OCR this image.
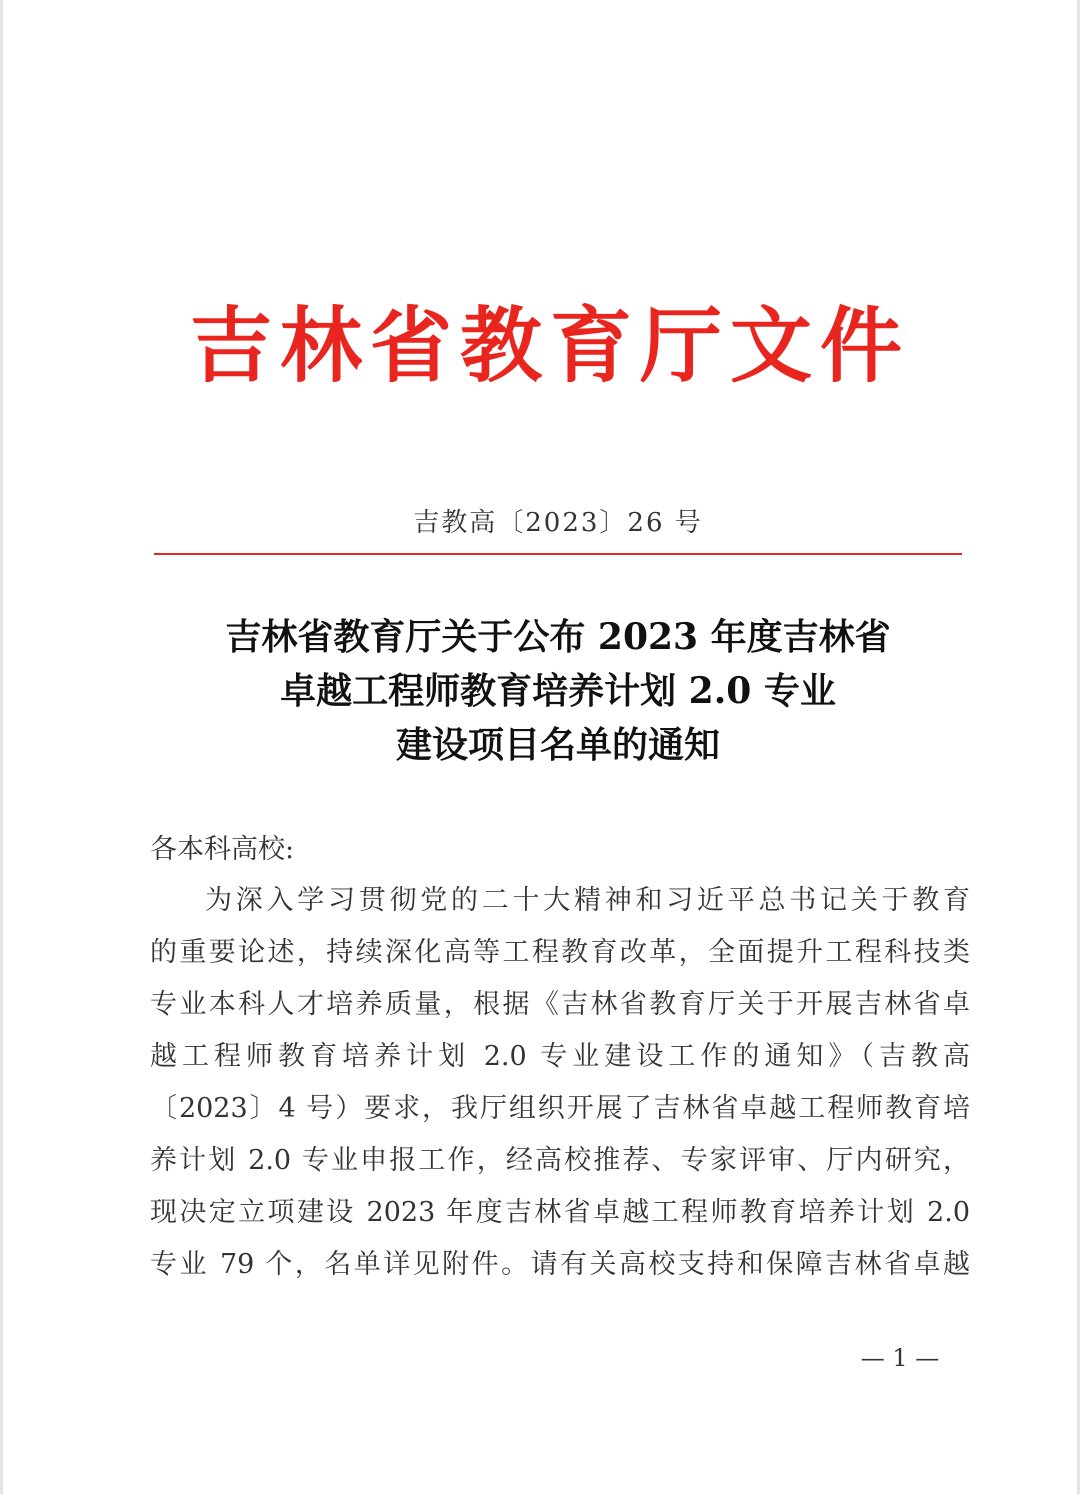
吉林省教育厅文件
吉教高〔2023〕26 号
吉林省教育厅关于公布 2023 年度吉林省
卓越工程师教育培养计划 2.0 专业
建设项目名单的通知
各本科高校:
为深入学习贯彻党的二十大精神和习近平总书记关于教育
的重要论述，持续深化高等工程教育改革，全面提升工程科技类
专业本科人才培养质量，根据《吉林省教育厅关于开展吉林省卓
越工程师教育培养计划 2.0 专业建设工作的通知》（吉教高
〔2023〕4 号）要求，我厅组织开展了吉林省卓越工程师教育培
养计划 2.0 专业申报工作，经高校推荐、专家评审、厅内研究，
现决定立项建设 2023 年度吉林省卓越工程师教育培养计划 2.0
专业 79 个，名单详见附件。请有关高校支持和保障吉林省卓越
— 1 —
